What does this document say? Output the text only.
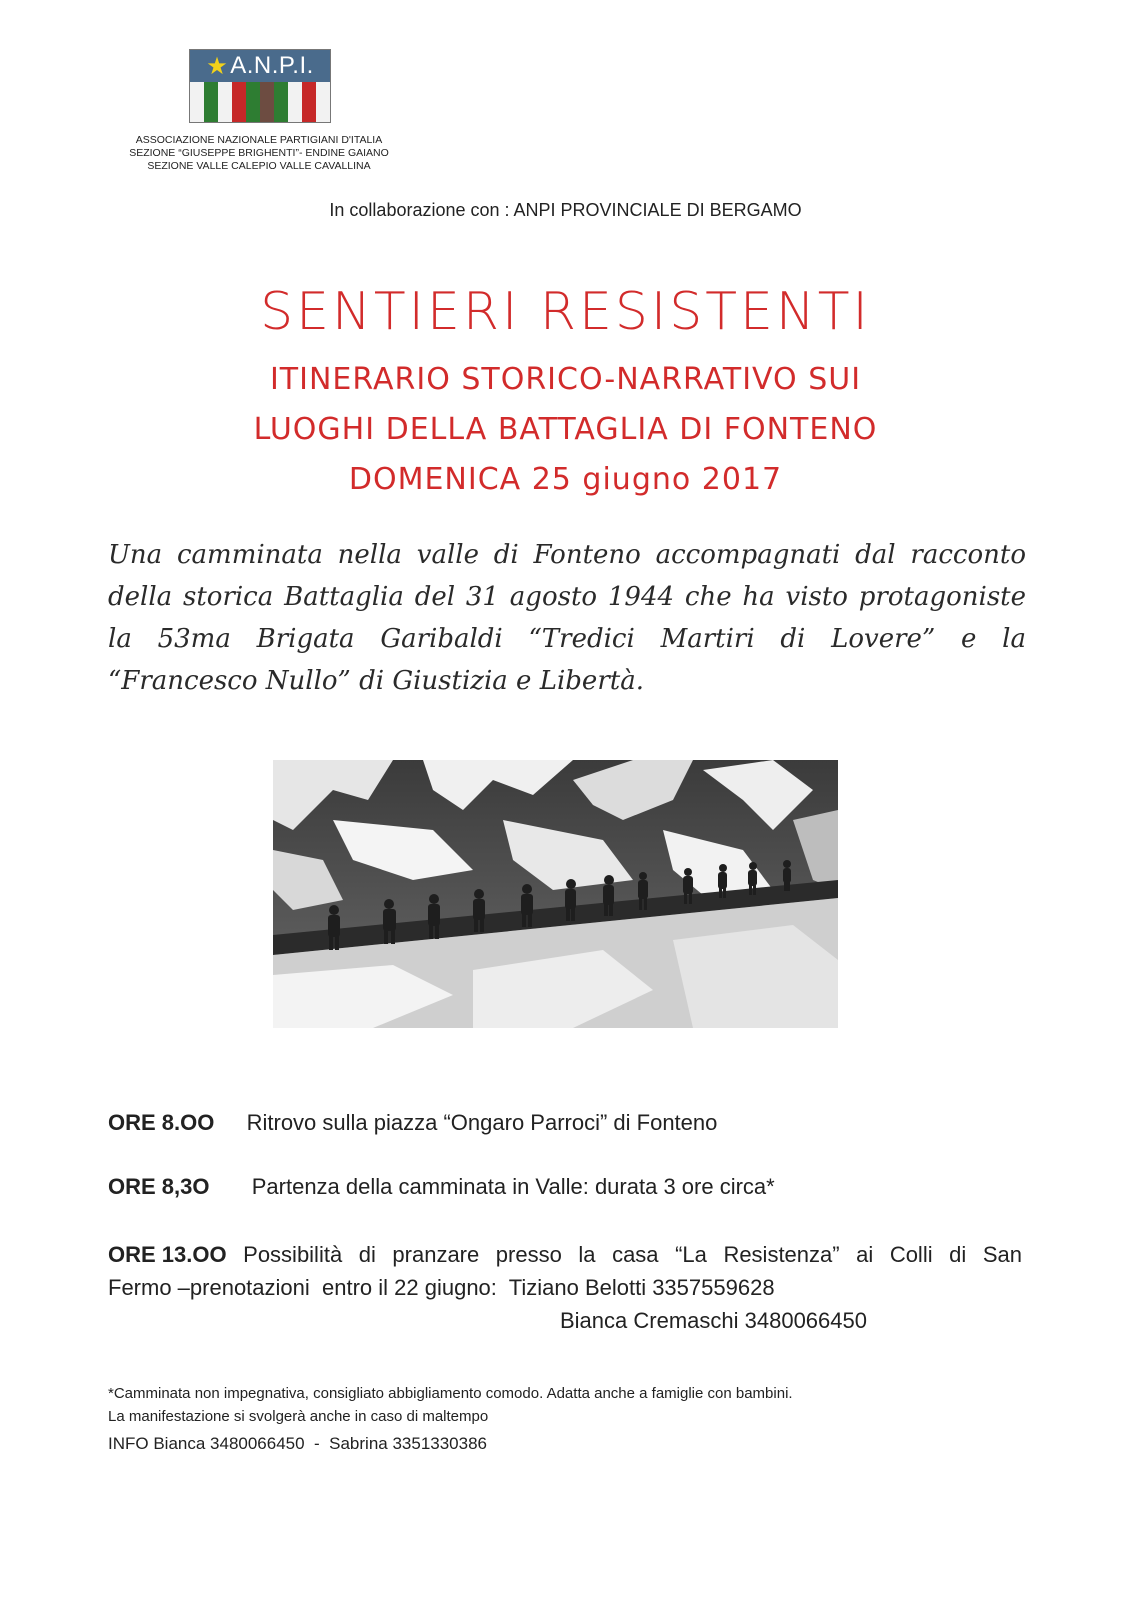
★ A.N.P.I.
ASSOCIAZIONE NAZIONALE PARTIGIANI D'ITALIA
SEZIONE “GIUSEPPE BRIGHENTI”- ENDINE GAIANO
SEZIONE VALLE CALEPIO VALLE CAVALLINA
In collaborazione con : ANPI PROVINCIALE DI BERGAMO
SENTIERI RESISTENTI
ITINERARIO STORICO-NARRATIVO SUI
LUOGHI DELLA BATTAGLIA DI FONTENO
DOMENICA 25 giugno 2017
Una camminata nella valle di Fonteno accompagnati dal racconto della storica Battaglia del 31 agosto 1944 che ha visto protagoniste la 53ma Brigata Garibaldi “Tredici Martiri di Lovere” e la “Francesco Nullo” di Giustizia e Libertà.
ORE 8.OO Ritrovo sulla piazza “Ongaro Parroci” di Fonteno
ORE 8,3O Partenza della camminata in Valle: durata 3 ore circa*
ORE 13.OO Possibilità di pranzare presso la casa “La Resistenza” ai Colli di San
Fermo –prenotazioni  entro il 22 giugno:  Tiziano Belotti 3357559628
Bianca Cremaschi 3480066450
*Camminata non impegnativa, consigliato abbigliamento comodo. Adatta anche a famiglie con bambini.
La manifestazione si svolgerà anche in caso di maltempo
INFO Bianca 3480066450  -  Sabrina 3351330386
